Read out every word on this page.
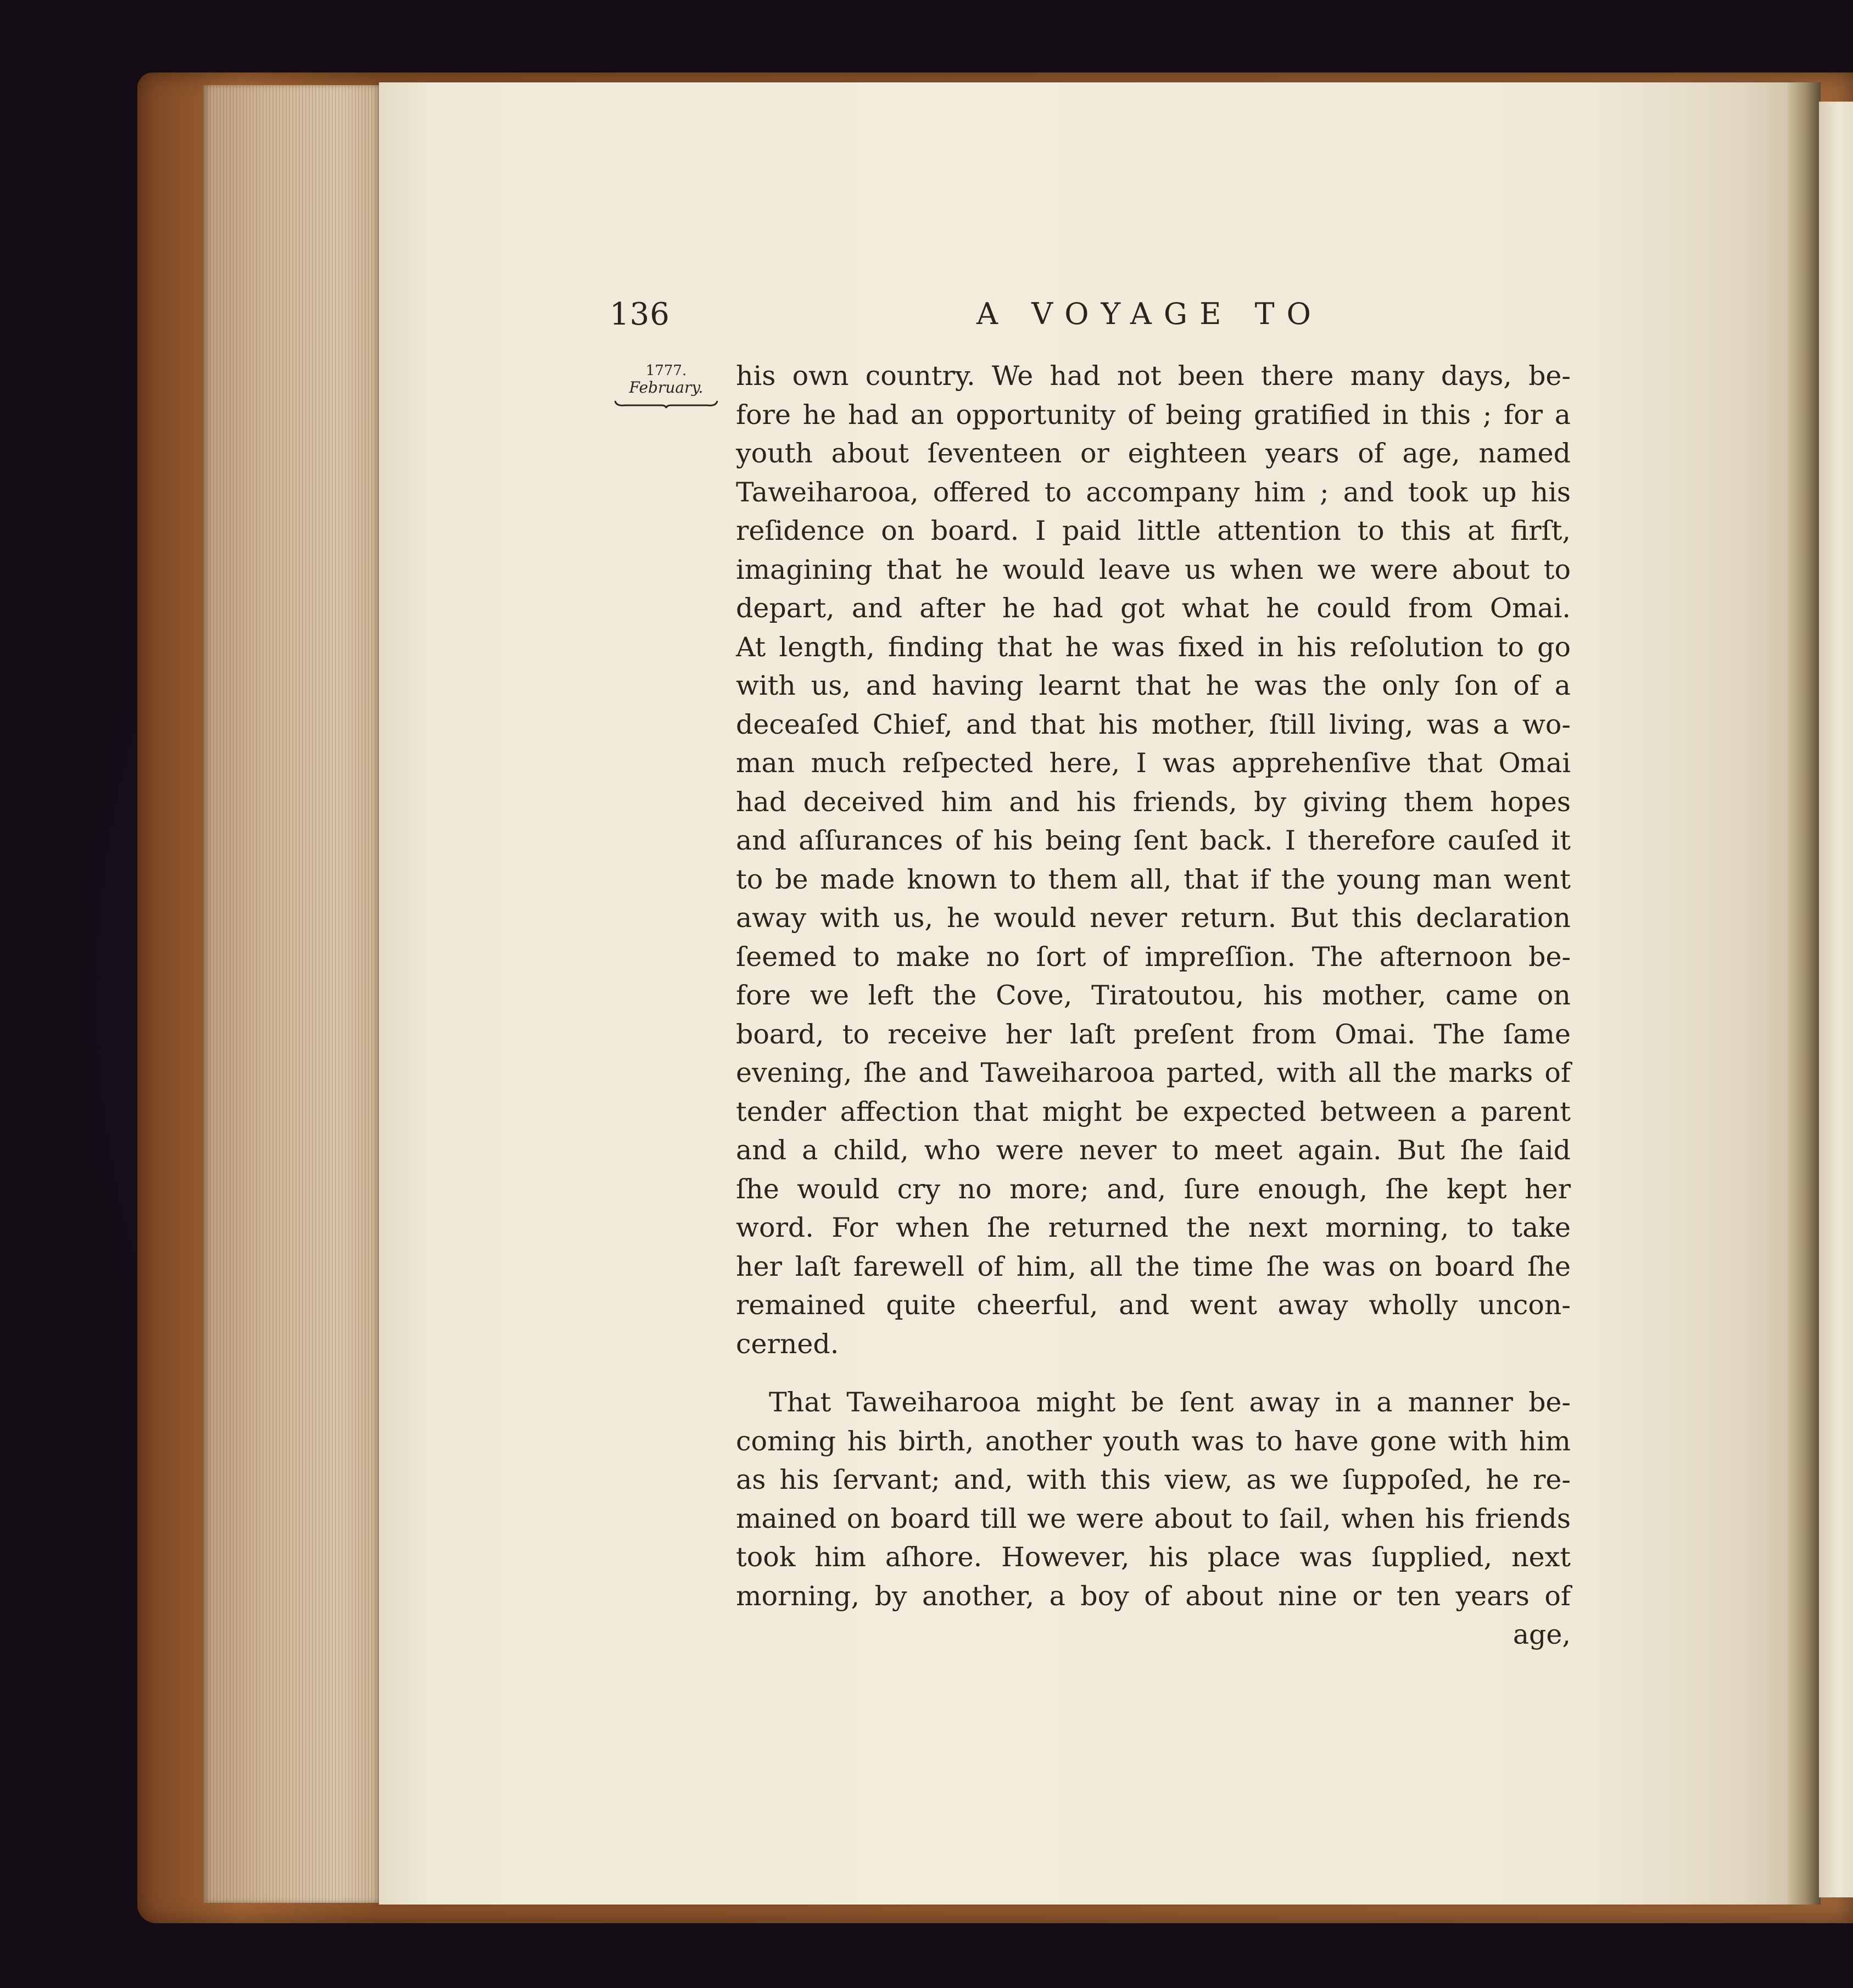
136	A VOYAGE TO
1777.
February.	his own country. We had not been there many days, be-
fore he had an opportunity of being gratified in this ; for a
youth about ſeventeen or eighteen years of age, named
Taweiharooa, offered to accompany him ; and took up his
reſidence on board. I paid little attention to this at firſt,
imagining that he would leave us when we were about to
depart, and after he had got what he could from Omai.
At length, finding that he was fixed in his reſolution to go
with us, and having learnt that he was the only ſon of a
deceaſed Chief, and that his mother, ſtill living, was a wo-
man much reſpected here, I was apprehenſive that Omai
had deceived him and his friends, by giving them hopes
and aſſurances of his being ſent back. I therefore cauſed it
to be made known to them all, that if the young man went
away with us, he would never return. But this declaration
ſeemed to make no ſort of impreſſion. The afternoon be-
fore we left the Cove, Tiratoutou, his mother, came on
board, to receive her laſt preſent from Omai. The ſame
evening, ſhe and Taweiharooa parted, with all the marks of
tender affection that might be expected between a parent
and a child, who were never to meet again. But ſhe ſaid
ſhe would cry no more; and, ſure enough, ſhe kept her
word. For when ſhe returned the next morning, to take
her laſt farewell of him, all the time ſhe was on board ſhe
remained quite cheerful, and went away wholly uncon-
cerned.
That Taweiharooa might be ſent away in a manner be-
coming his birth, another youth was to have gone with him
as his ſervant; and, with this view, as we ſuppoſed, he re-
mained on board till we were about to ſail, when his friends
took him aſhore. However, his place was ſupplied, next
morning, by another, a boy of about nine or ten years of
age,
